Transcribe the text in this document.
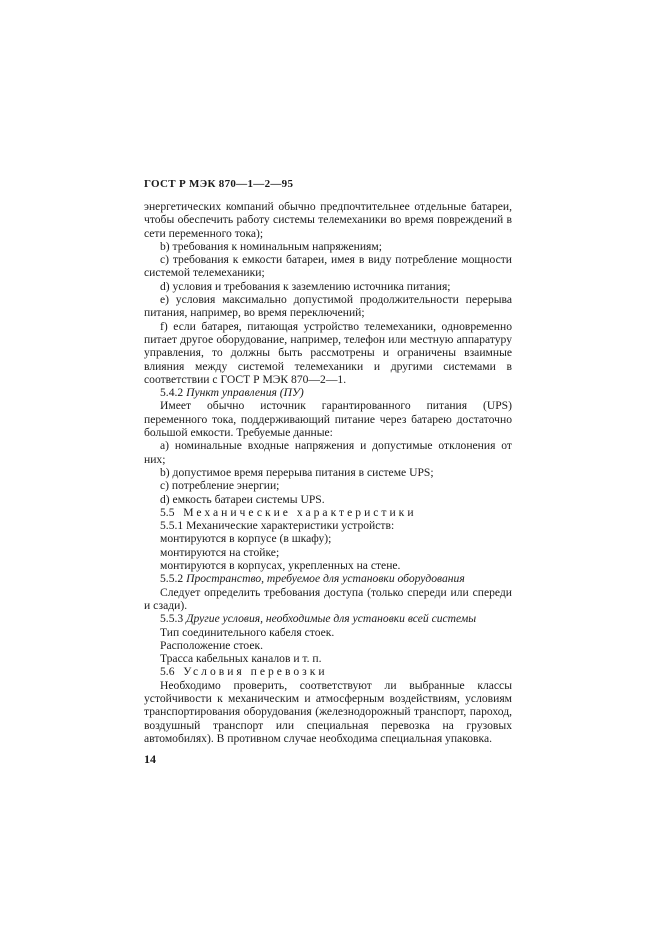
ГОСТ Р МЭК 870—1—2—95

энергетических компаний обычно предпочтительнее отдельные батареи, чтобы обеспечить работу системы телемеханики во время повреждений в сети переменного тока);

b) требования к номинальным напряжениям;

c) требования к емкости батареи, имея в виду потребление мощности системой телемеханики;

d) условия и требования к заземлению источника питания;

e) условия максимально допустимой продолжительности перерыва питания, например, во время переключений;

f) если батарея, питающая устройство телемеханики, одновременно питает другое оборудование, например, телефон или местную аппаратуру управления, то должны быть рассмотрены и ограничены взаимные влияния между системой телемеханики и другими системами в соответствии с ГОСТ Р МЭК 870—2—1.

5.4.2 Пункт управления (ПУ)

Имеет обычно источник гарантированного питания (UPS) переменного тока, поддерживающий питание через батарею достаточно большой емкости. Требуемые данные:

a) номинальные входные напряжения и допустимые отклонения от них;

b) допустимое время перерыва питания в системе UPS;

c) потребление энергии;

d) емкость батареи системы UPS.

5.5 Механические характеристики

5.5.1 Механические характеристики устройств:

монтируются в корпусе (в шкафу);

монтируются на стойке;

монтируются в корпусах, укрепленных на стене.

5.5.2 Пространство, требуемое для установки оборудования

Следует определить требования доступа (только спереди или спереди и сзади).

5.5.3 Другие условия, необходимые для установки всей системы

Тип соединительного кабеля стоек.

Расположение стоек.

Трасса кабельных каналов и т. п.

5.6 Условия перевозки

Необходимо проверить, соответствуют ли выбранные классы устойчивости к механическим и атмосферным воздействиям, условиям транспортирования оборудования (железнодорожный транспорт, пароход, воздушный транспорт или специальная перевозка на грузовых автомобилях). В противном случае необходима специальная упаковка.

14
